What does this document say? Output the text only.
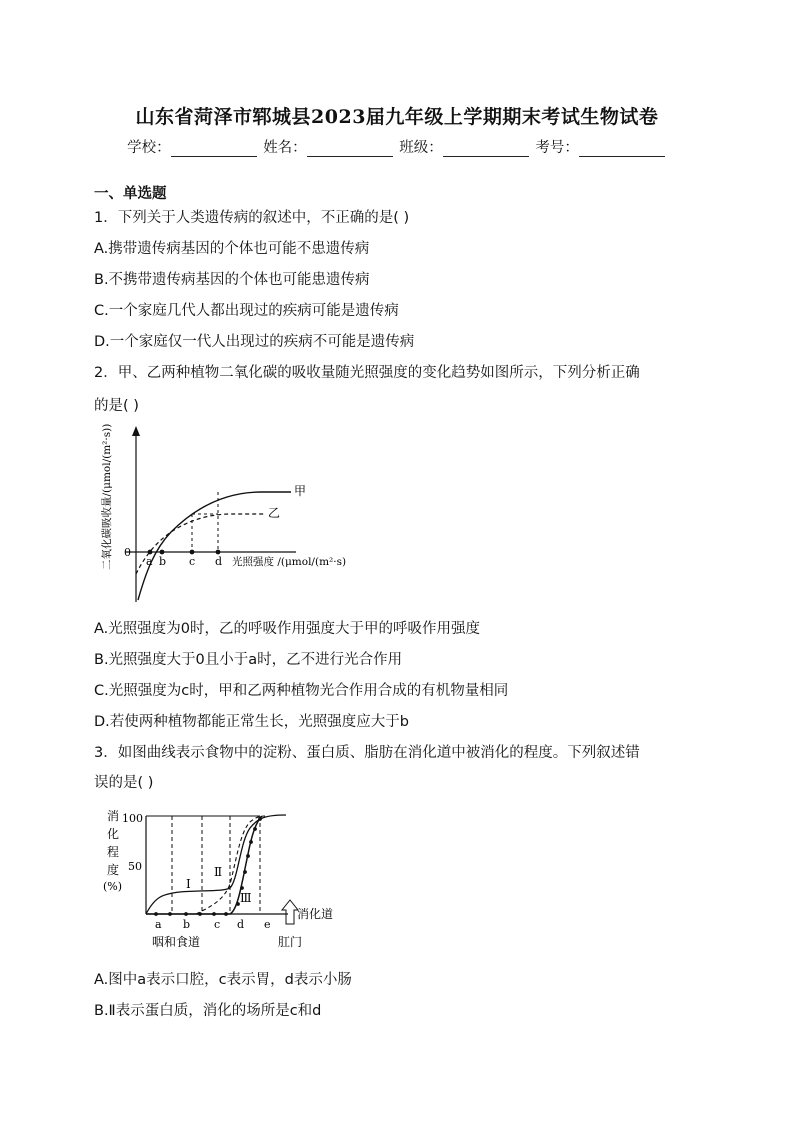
山东省菏泽市郓城县2023届九年级上学期期末考试生物试卷
学校：	姓名：	班级：	考号：
一、单选题
1．下列关于人类遗传病的叙述中，不正确的是( )
A.携带遗传病基因的个体也可能不患遗传病
B.不携带遗传病基因的个体也可能患遗传病
C.一个家庭几代人都出现过的疾病可能是遗传病
D.一个家庭仅一代人出现过的疾病不可能是遗传病
2．甲、乙两种植物二氧化碳的吸收量随光照强度的变化趋势如图所示，下列分析正确
的是( )
0
a b c d
甲
乙
光照强度 /(μmol/(m²·s)
二氧化碳吸收量/(μmol/(m²·s))
A.光照强度为0时，乙的呼吸作用强度大于甲的呼吸作用强度
B.光照强度大于0且小于a时，乙不进行光合作用
C.光照强度为c时，甲和乙两种植物光合作用合成的有机物量相同
D.若使两种植物都能正常生长，光照强度应大于b
3．如图曲线表示食物中的淀粉、蛋白质、脂肪在消化道中被消化的程度。下列叙述错
误的是( )
消
化
程
度
(%)
100
50
Ⅰ
Ⅱ
Ⅲ
a b c d e
消化道
咽和食道	肛门
A.图中a表示口腔，c表示胃，d表示小肠
B.Ⅱ表示蛋白质，消化的场所是c和d
